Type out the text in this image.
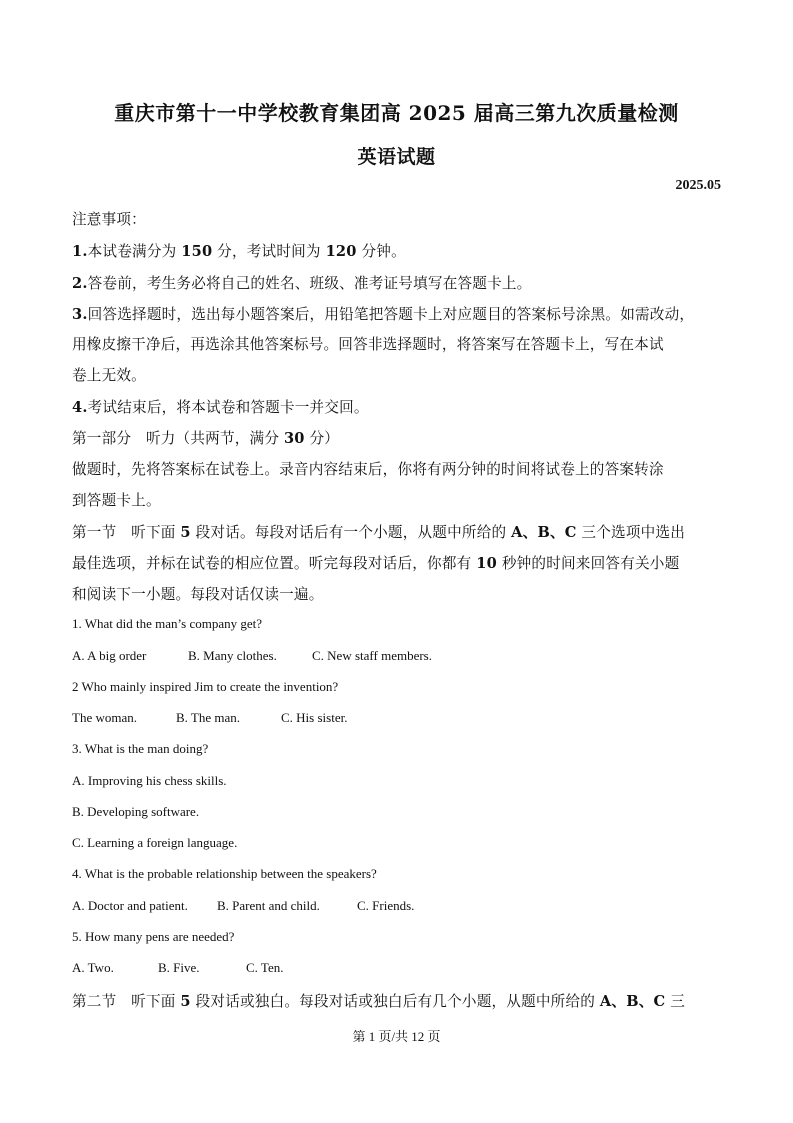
重庆市第十一中学校教育集团高 2025 届高三第九次质量检测
英语试题
2025.05
注意事项：
1.本试卷满分为 150 分，考试时间为 120 分钟。
2.答卷前，考生务必将自己的姓名、班级、准考证号填写在答题卡上。
3.回答选择题时，选出每小题答案后，用铅笔把答题卡上对应题目的答案标号涂黑。如需改动，
用橡皮擦干净后，再选涂其他答案标号。回答非选择题时，将答案写在答题卡上，写在本试
卷上无效。
4.考试结束后，将本试卷和答题卡一并交回。
第一部分　听力（共两节，满分 30 分）
做题时，先将答案标在试卷上。录音内容结束后，你将有两分钟的时间将试卷上的答案转涂
到答题卡上。
第一节　听下面 5 段对话。每段对话后有一个小题，从题中所给的 A、B、C 三个选项中选出
最佳选项，并标在试卷的相应位置。听完每段对话后，你都有 10 秒钟的时间来回答有关小题
和阅读下一小题。每段对话仅读一遍。
1. What did the man’s company get?
A. A big order	B. Many clothes.	C. New staff members.
2 Who mainly inspired Jim to create the invention?
The woman.	B. The man.	C. His sister.
3. What is the man doing?
A. Improving his chess skills.
B. Developing software.
C. Learning a foreign language.
4. What is the probable relationship between the speakers?
A. Doctor and patient. B. Parent and child.	C. Friends.
5. How many pens are needed?
A. Two.	B. Five.	C. Ten.
第二节　听下面 5 段对话或独白。每段对话或独白后有几个小题，从题中所给的 A、B、C 三
第 1 页/共 12 页
